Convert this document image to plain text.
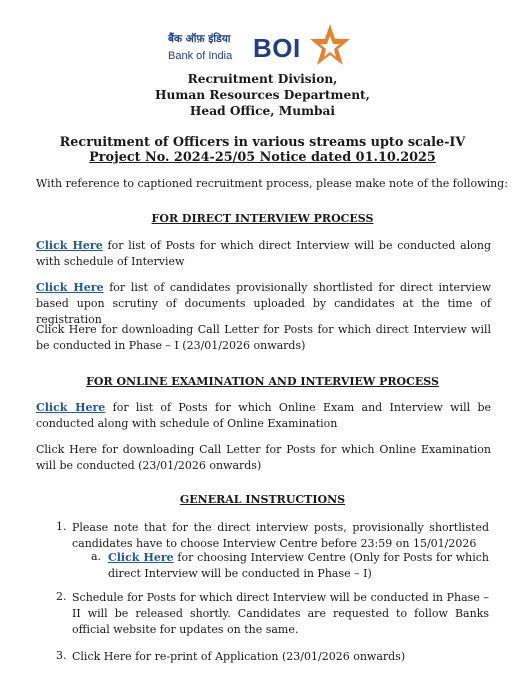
बैंक ऑफ़ इंडिया
Bank of India BOI
Recruitment Division,
Human Resources Department,
Head Office, Mumbai
Recruitment of Officers in various streams upto scale-IV
Project No. 2024-25/05 Notice dated 01.10.2025
With reference to captioned recruitment process, please make note of the following:
FOR DIRECT INTERVIEW PROCESS
Click Here for list of Posts for which direct Interview will be conducted along with schedule of Interview
Click Here for list of candidates provisionally shortlisted for direct interview based upon scrutiny of documents uploaded by candidates at the time of registration
Click Here for downloading Call Letter for Posts for which direct Interview will be conducted in Phase – I (23/01/2026 onwards)
FOR ONLINE EXAMINATION AND INTERVIEW PROCESS
Click Here for list of Posts for which Online Exam and Interview will be conducted along with schedule of Online Examination
Click Here for downloading Call Letter for Posts for which Online Examination will be conducted (23/01/2026 onwards)
GENERAL INSTRUCTIONS
1. Please note that for the direct interview posts, provisionally shortlisted candidates have to choose Interview Centre before 23:59 on 15/01/2026
a. Click Here for choosing Interview Centre (Only for Posts for which direct Interview will be conducted in Phase – I)
2. Schedule for Posts for which direct Interview will be conducted in Phase – II will be released shortly. Candidates are requested to follow Banks official website for updates on the same.
3. Click Here for re-print of Application (23/01/2026 onwards)
